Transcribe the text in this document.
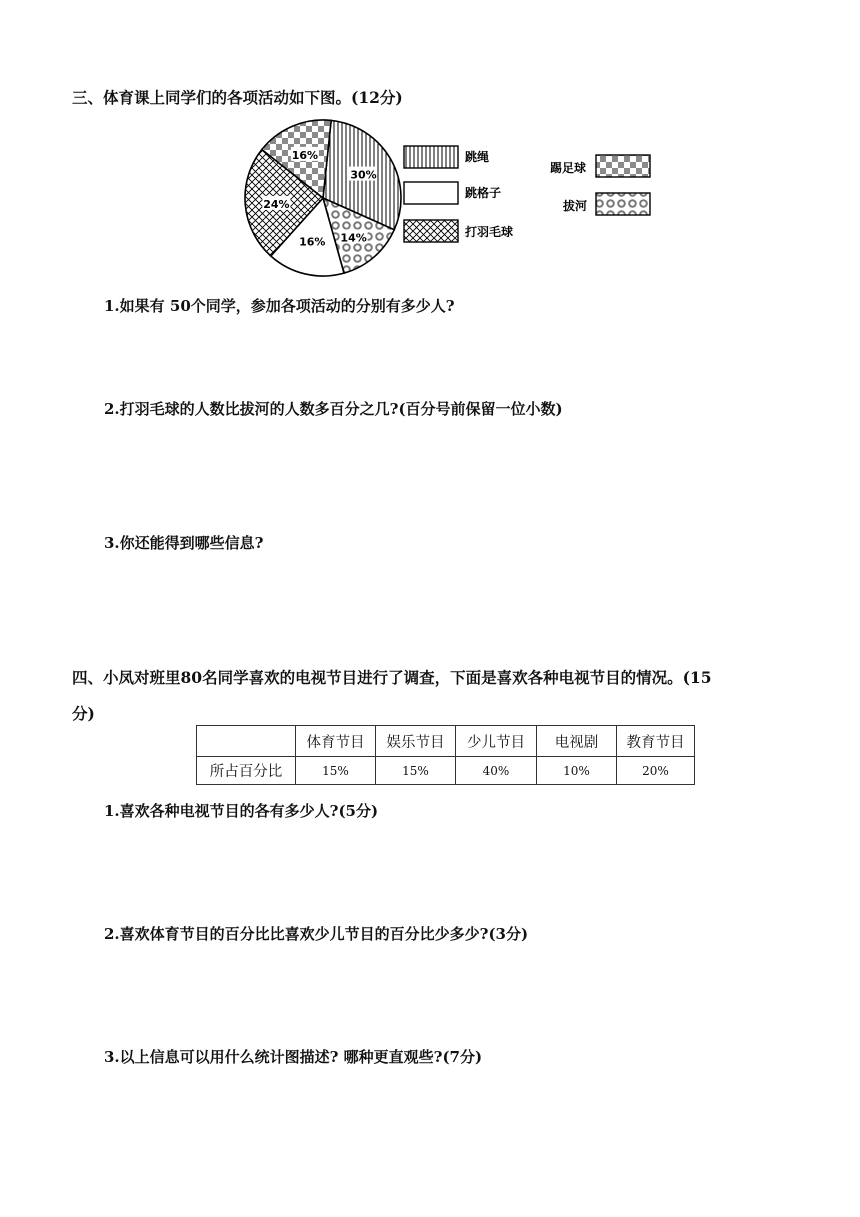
三、体育课上同学们的各项活动如下图。(12分)
30%
14%
16%
24%
16%	跳绳
跳格子
打羽毛球
踢足球
拔河
1.如果有 50个同学，参加各项活动的分别有多少人?
2.打羽毛球的人数比拔河的人数多百分之几?(百分号前保留一位小数)
3.你还能得到哪些信息?
四、小凤对班里80名同学喜欢的电视节目进行了调查，下面是喜欢各种电视节目的情况。(15
分)
	体育节目	娱乐节目	少儿节目	电视剧	教育节目
所占百分比	15%	15%	40%	10%	20%
1.喜欢各种电视节目的各有多少人?(5分)
2.喜欢体育节目的百分比比喜欢少儿节目的百分比少多少?(3分)
3.以上信息可以用什么统计图描述? 哪种更直观些?(7分)
